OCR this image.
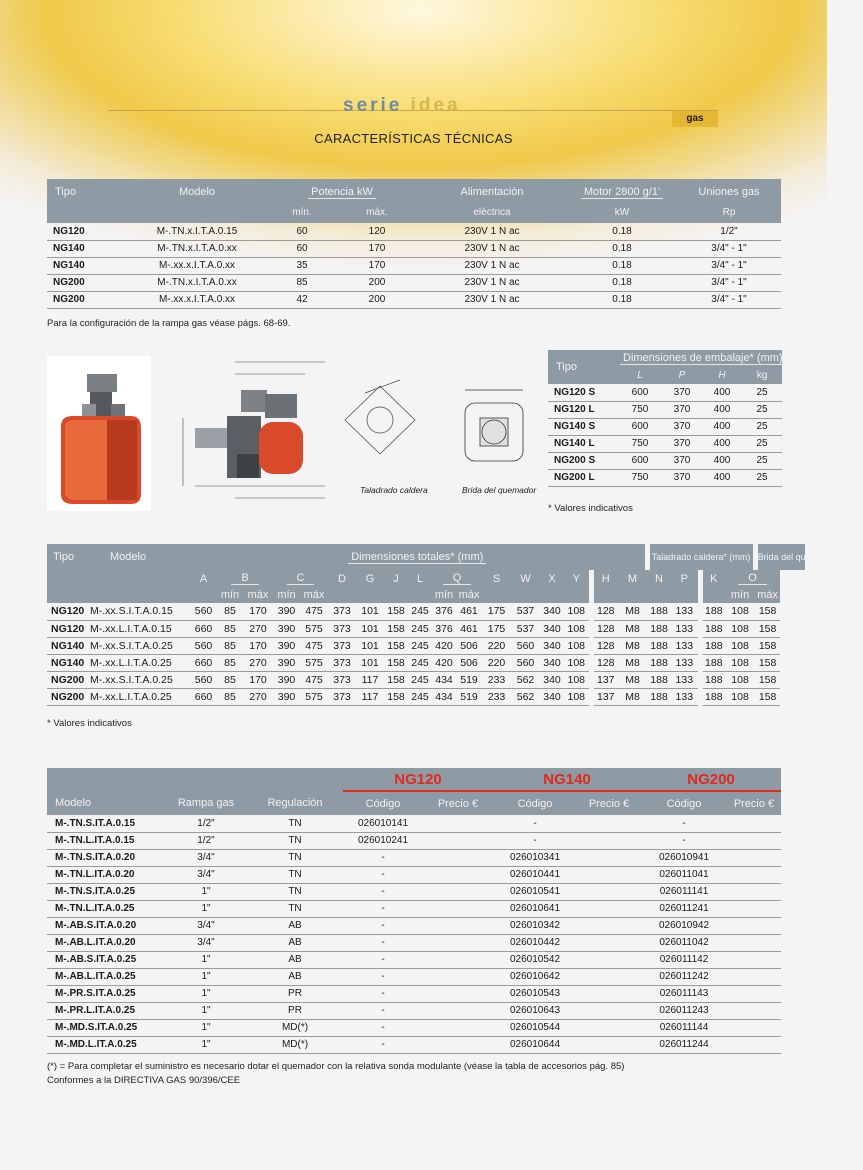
serie idea
gas
CARACTERÍSTICAS TÉCNICAS
Tipo	Modelo	Potencia kW		Alimentación	Motor 2800 g/1'	Uniones gas
		mín.	máx.	eléctrica	kW	Rp
NG120	M-.TN.x.I.T.A.0.15	60	120	230V 1 N ac	0.18	1/2"
NG140	M-.TN.x.I.T.A.0.xx	60	170	230V 1 N ac	0.18	3/4" - 1"
NG140	M-.xx.x.I.T.A.0.xx	35	170	230V 1 N ac	0.18	3/4" - 1"
NG200	M-.TN.x.I.T.A.0.xx	85	200	230V 1 N ac	0.18	3/4" - 1"
NG200	M-.xx.x.I.T.A.0.xx	42	200	230V 1 N ac	0.18	3/4" - 1"
Para la configuración de la rampa gas véase págs. 68-69.
Taladrado caldera	Brida del quemador
Tipo	Dimensiones de embalaje* (mm)			
	L	P	H	kg
NG120 S	600	370	400	25
NG120 L	750	370	400	25
NG140 S	600	370	400	25
NG140 L	750	370	400	25
NG200 S	600	370	400	25
NG200 L	750	370	400	25
* Valores indicativos
Tipo	Modelo	Dimensiones totales* (mm)																	Taladrado caldera* (mm)				Brida del quemador* (mm)
		A	B		C		D	G	J	L	Q		S	W	X	Y	H	M	N	P	K	O	
			mín	máx	mín	máx					mín	máx										mín	máx
NG120	M-.xx.S.I.T.A.0.15	560	85	170	390	475	373	101	158	245	376	461	175	537	340	108	128	M8	188	133	188	108	158
NG120	M-.xx.L.I.T.A.0.15	660	85	270	390	575	373	101	158	245	376	461	175	537	340	108	128	M8	188	133	188	108	158
NG140	M-.xx.S.I.T.A.0.25	560	85	170	390	475	373	101	158	245	420	506	220	560	340	108	128	M8	188	133	188	108	158
NG140	M-.xx.L.I.T.A.0.25	660	85	270	390	575	373	101	158	245	420	506	220	560	340	108	128	M8	188	133	188	108	158
NG200	M-.xx.S.I.T.A.0.25	560	85	170	390	475	373	117	158	245	434	519	233	562	340	108	137	M8	188	133	188	108	158
NG200	M-.xx.L.I.T.A.0.25	660	85	270	390	575	373	117	158	245	434	519	233	562	340	108	137	M8	188	133	188	108	158
* Valores indicativos
			NG120		NG140		NG200	
Modelo	Rampa gas	Regulación	Código	Precio €	Código	Precio €	Código	Precio €
M-.TN.S.IT.A.0.15	1/2"	TN	026010141		-		-	
M-.TN.L.IT.A.0.15	1/2"	TN	026010241		-		-	
M-.TN.S.IT.A.0.20	3/4"	TN	-		026010341		026010941	
M-.TN.L.IT.A.0.20	3/4"	TN	-		026010441		026011041	
M-.TN.S.IT.A.0.25	1"	TN	-		026010541		026011141	
M-.TN.L.IT.A.0.25	1"	TN	-		026010641		026011241	
M-.AB.S.IT.A.0.20	3/4"	AB	-		026010342		026010942	
M-.AB.L.IT.A.0.20	3/4"	AB	-		026010442		026011042	
M-.AB.S.IT.A.0.25	1"	AB	-		026010542		026011142	
M-.AB.L.IT.A.0.25	1"	AB	-		026010642		026011242	
M-.PR.S.IT.A.0.25	1"	PR	-		026010543		026011143	
M-.PR.L.IT.A.0.25	1"	PR	-		026010643		026011243	
M-.MD.S.IT.A.0.25	1"	MD(*)	-		026010544		026011144	
M-.MD.L.IT.A.0.25	1"	MD(*)	-		026010644		026011244	
(*) = Para completar el suministro es necesario dotar el quemador con la relativa sonda modulante (véase la tabla de accesorios pág. 85)
Conformes a la DIRECTIVA GAS 90/396/CEE
